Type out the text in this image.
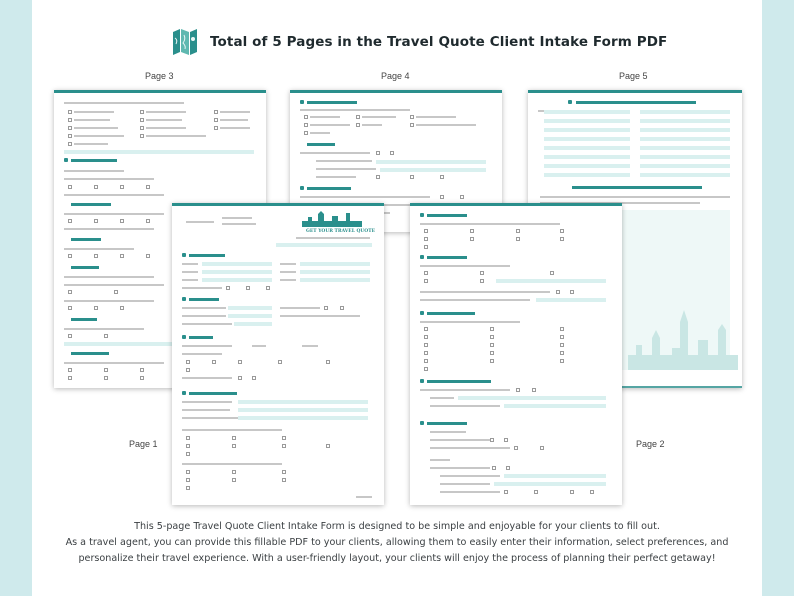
Total of 5 Pages in the Travel Quote Client Intake Form PDF
Page 3	Page 4	Page 5
Page 1	Page 2
GET YOUR TRAVEL QUOTE

This 5-page Travel Quote Client Intake Form is designed to be simple and enjoyable for your clients to fill out.

As a travel agent, you can provide this fillable PDF to your clients, allowing them to easily enter their information, select preferences, and

personalize their travel experience. With a user-friendly layout, your clients will enjoy the process of planning their perfect getaway!
